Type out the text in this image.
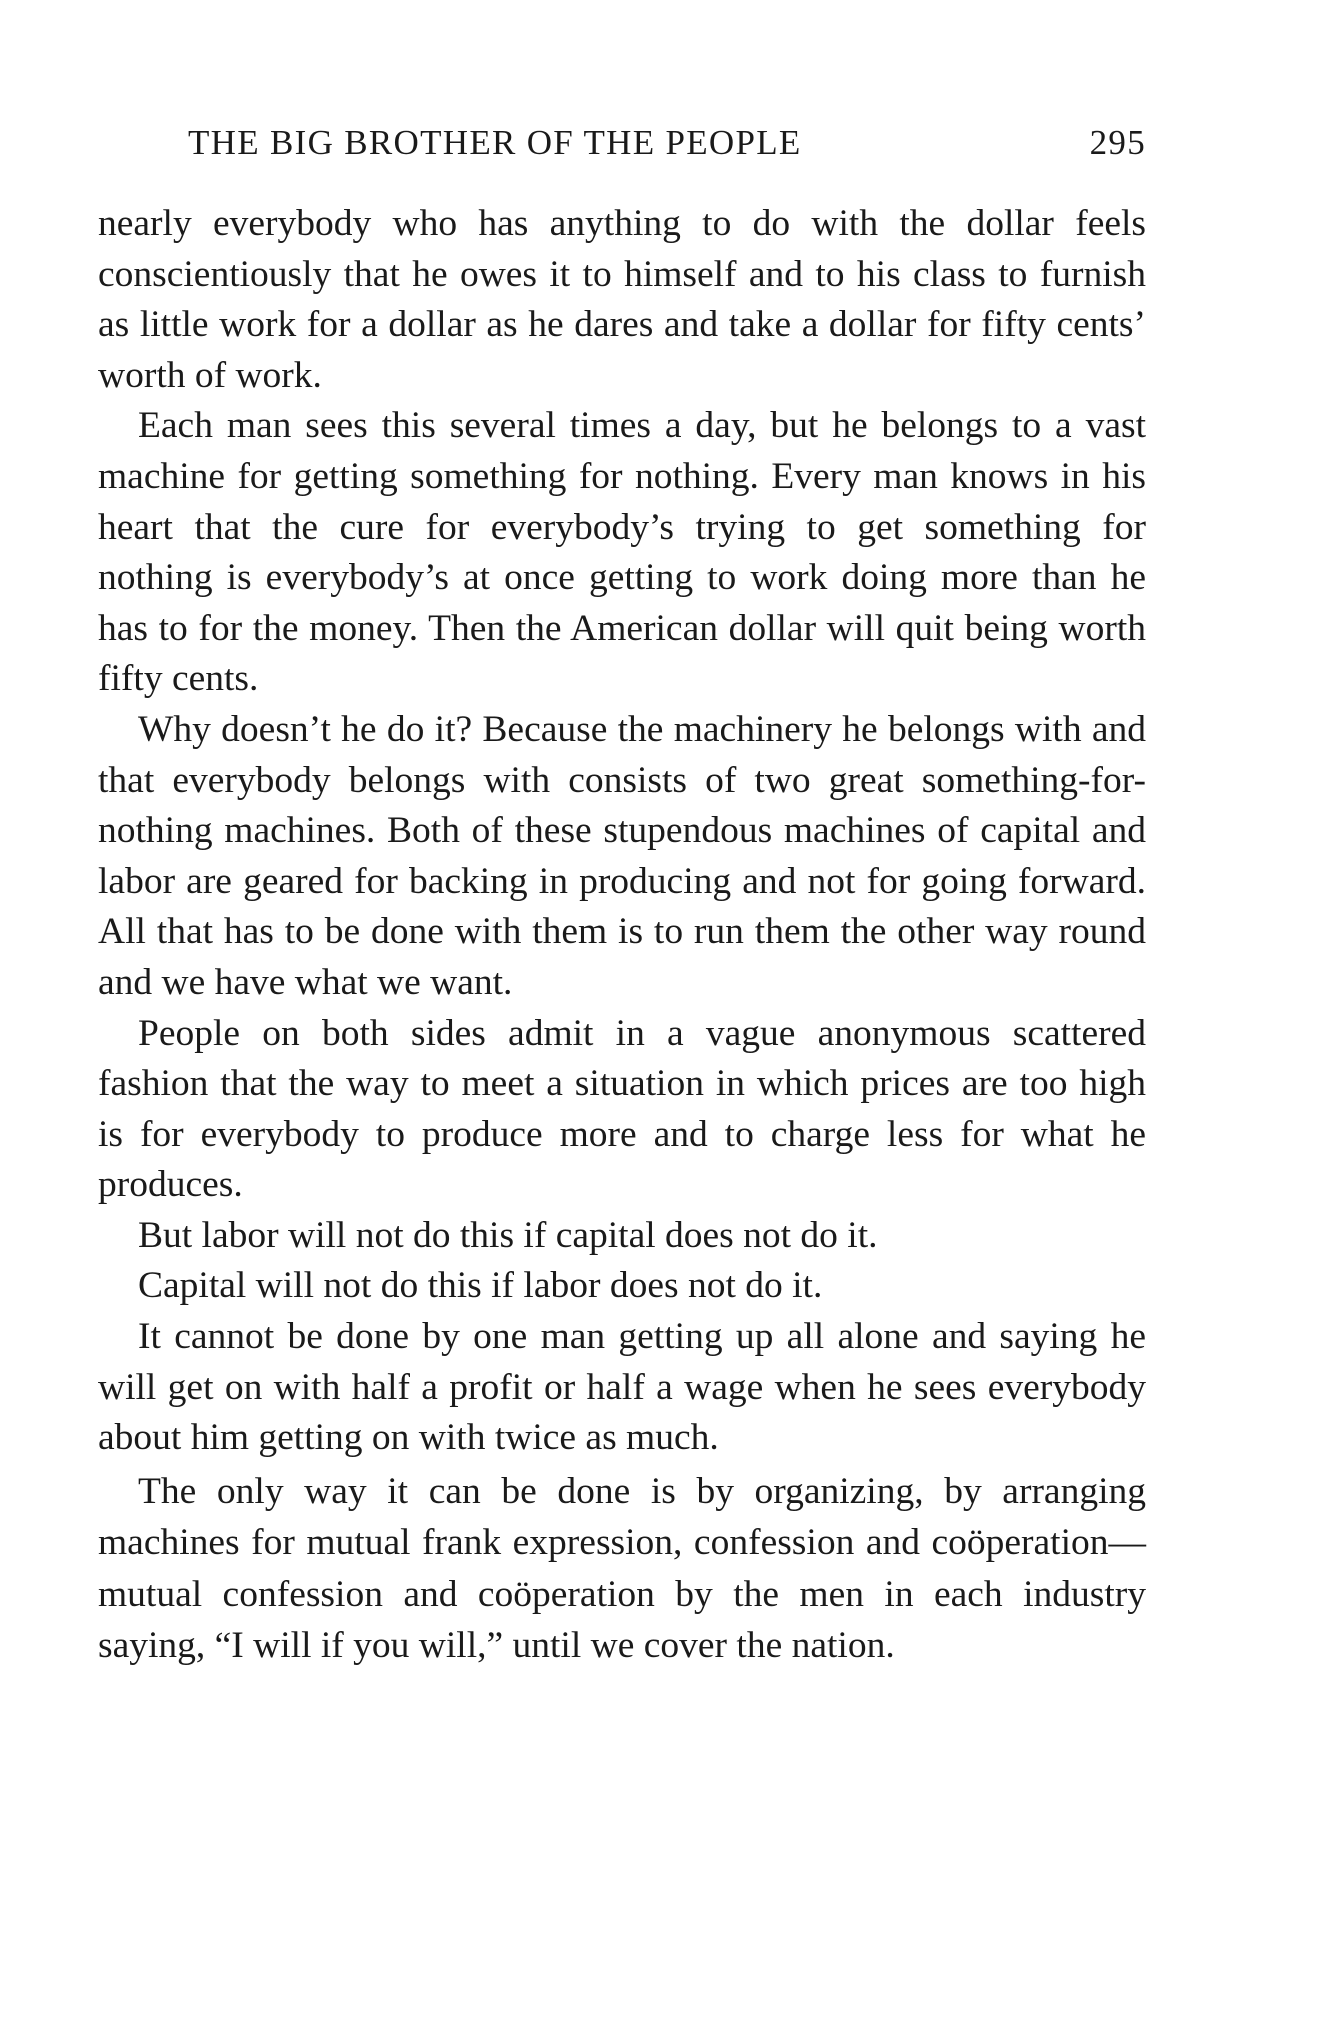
THE BIG BROTHER OF THE PEOPLE	295

nearly everybody who has anything to do with the dollar feels conscientiously that he owes it to himself and to his class to furnish as little work for a dollar as he dares and take a dollar for fifty cents’ worth of work.

Each man sees this several times a day, but he belongs to a vast machine for getting something for nothing. Every man knows in his heart that the cure for everybody’s trying to get something for nothing is everybody’s at once getting to work doing more than he has to for the money. Then the American dollar will quit being worth fifty cents.

Why doesn’t he do it? Because the machinery he belongs with and that everybody belongs with consists of two great something-for-nothing machines. Both of these stupendous machines of capital and labor are geared for backing in producing and not for going forward. All that has to be done with them is to run them the other way round and we have what we want.

People on both sides admit in a vague anonymous scattered fashion that the way to meet a situation in which prices are too high is for everybody to produce more and to charge less for what he produces.

But labor will not do this if capital does not do it.

Capital will not do this if labor does not do it.

It cannot be done by one man getting up all alone and saying he will get on with half a profit or half a wage when he sees everybody about him getting on with twice as much.

The only way it can be done is by organizing, by arranging machines for mutual frank expression, confession and coöperation—mutual confession and coöperation by the men in each industry saying, “I will if you will,” until we cover the nation.
